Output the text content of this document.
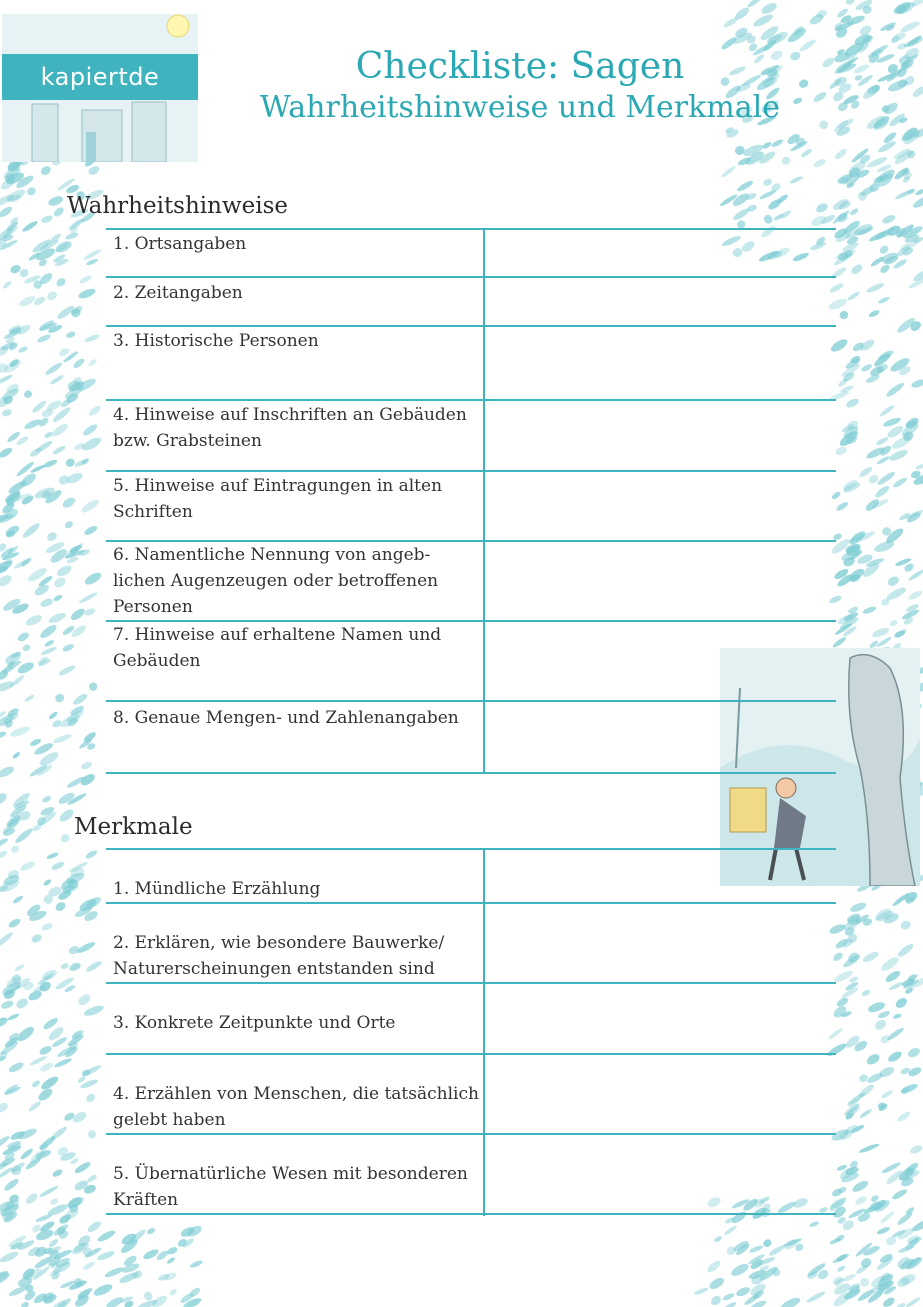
kapiertde	Checkliste: Sagen
Wahrheitshinweise und Merkmale
Wahrheitshinweise
1. Ortsangaben
2. Zeitangaben
3. Historische Personen
4. Hinweise auf Inschriften an Gebäuden bzw. Grabsteinen
5. Hinweise auf Eintragungen in alten Schriften
6. Namentliche Nennung von angeb-lichen Augenzeugen oder betroffenen Personen
7. Hinweise auf erhaltene Namen und Gebäuden
8. Genaue Mengen- und Zahlenangaben
Merkmale
1. Mündliche Erzählung
2. Erklären, wie besondere Bauwerke/ Naturerscheinungen entstanden sind
3. Konkrete Zeitpunkte und Orte
4. Erzählen von Menschen, die tatsächlich gelebt haben
5. Übernatürliche Wesen mit besonderen Kräften
